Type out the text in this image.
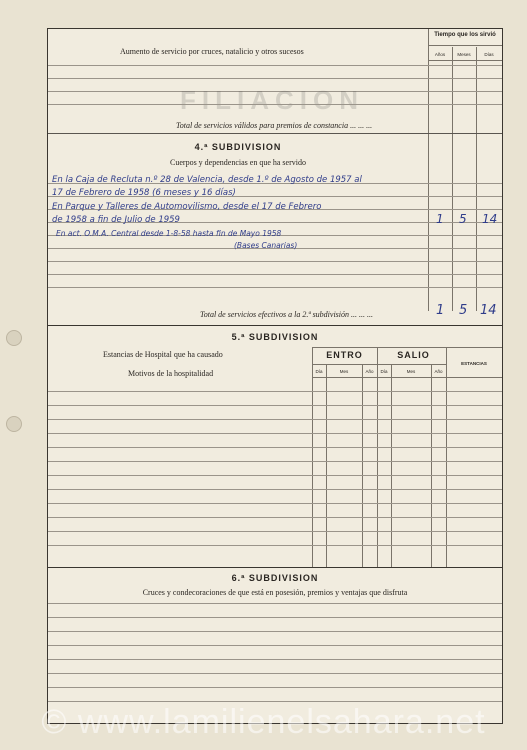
Tiempo que los sirvió
Años	Meses	Días
Aumento de servicio por cruces, natalicio y otros sucesos
FILIACION
Total de servicios válidos para premios de constancia ... ... ...
4.ª SUBDIVISION
Cuerpos y dependencias en que ha servido
En la Caja de Recluta n.º 28 de Valencia, desde 1.º de Agosto de 1957 al
17 de Febrero de 1958 (6 meses y 16 días)
En Parque y Talleres de Automovilismo, desde el 17 de Febrero
de 1958 a fin de Julio de 1959
En act. O.M.A. Central desde 1-8-58 hasta fin de Mayo 1958
(Bases Canarias)
1 5 14
Total de servicios efectivos a la 2.ª subdivisión ... ... ...	1 5 14
5.ª SUBDIVISION
Estancias de Hospital que ha causado
Motivos de la hospitalidad
ENTRO	SALIO
ESTANCIAS
Día	Mes	Año	Día	Mes	Año
6.ª SUBDIVISION
Cruces y condecoraciones de que está en posesión, premios y ventajas que disfruta
© www.lamilienelsahara.net
